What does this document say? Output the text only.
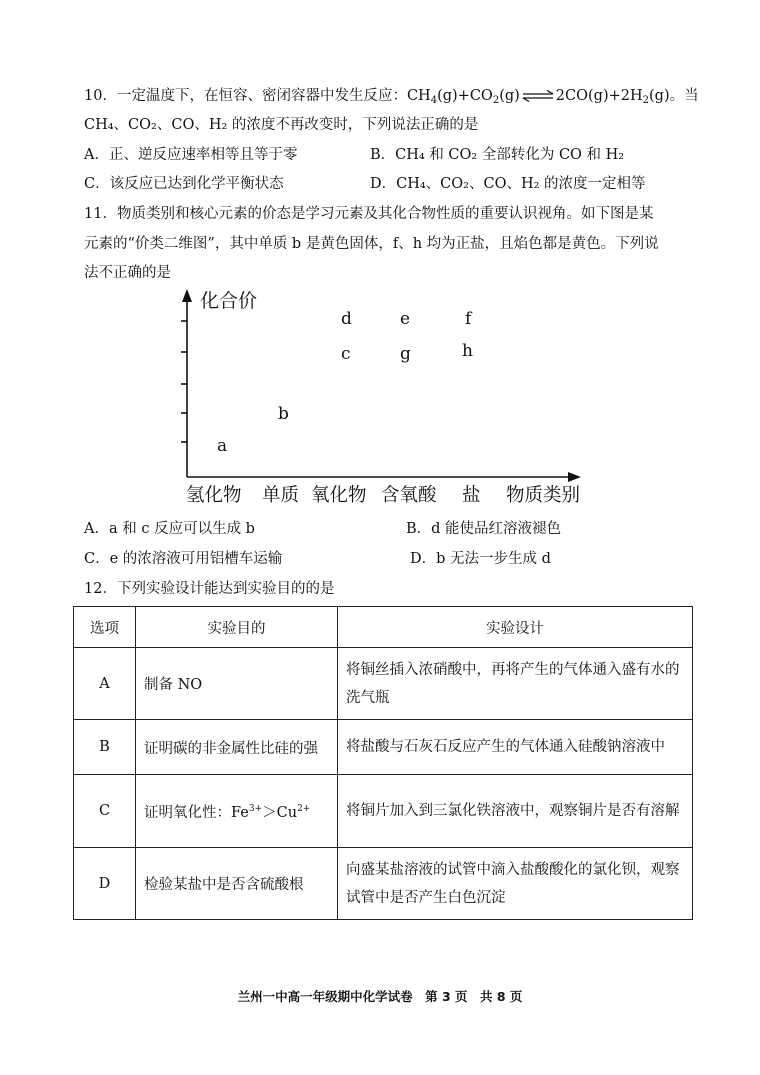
10．一定温度下，在恒容、密闭容器中发生反应：$CH_4(g)+CO_2(g)\rightleftharpoons 2CO(g)+2H_2(g)$。当
CH₄、CO₂、CO、H₂ 的浓度不再改变时，下列说法正确的是
A．正、逆反应速率相等且等于零	B．CH₄ 和 CO₂ 全部转化为 CO 和 H₂
C．该反应已达到化学平衡状态	D．CH₄、CO₂、CO、H₂ 的浓度一定相等
11．物质类别和核心元素的价态是学习元素及其化合物性质的重要认识视角。如下图是某
元素的“价类二维图”，其中单质 b 是黄色固体，f、h 均为正盐，且焰色都是黄色。下列说
法不正确的是
化合价
a
b
c
d	e	f
g	h
氢化物 单质 氧化物 含氧酸 盐 物质类别
A．a 和 c 反应可以生成 b	B．d 能使品红溶液褪色
C．e 的浓溶液可用铝槽车运输	D．b 无法一步生成 d
12．下列实验设计能达到实验目的的是
选项	实验目的	实验设计
A	制备 NO	将铜丝插入浓硝酸中，再将产生的气体通入盛有水的洗气瓶
B	证明碳的非金属性比硅的强	将盐酸与石灰石反应产生的气体通入硅酸钠溶液中
C	证明氧化性：$Fe^{3+}>Cu^{2+}$	将铜片加入到三氯化铁溶液中，观察铜片是否有溶解
D	检验某盐中是否含硫酸根	向盛某盐溶液的试管中滴入盐酸酸化的氯化钡，观察试管中是否产生白色沉淀
兰州一中高一年级期中化学试卷　第 3 页　共 8 页
